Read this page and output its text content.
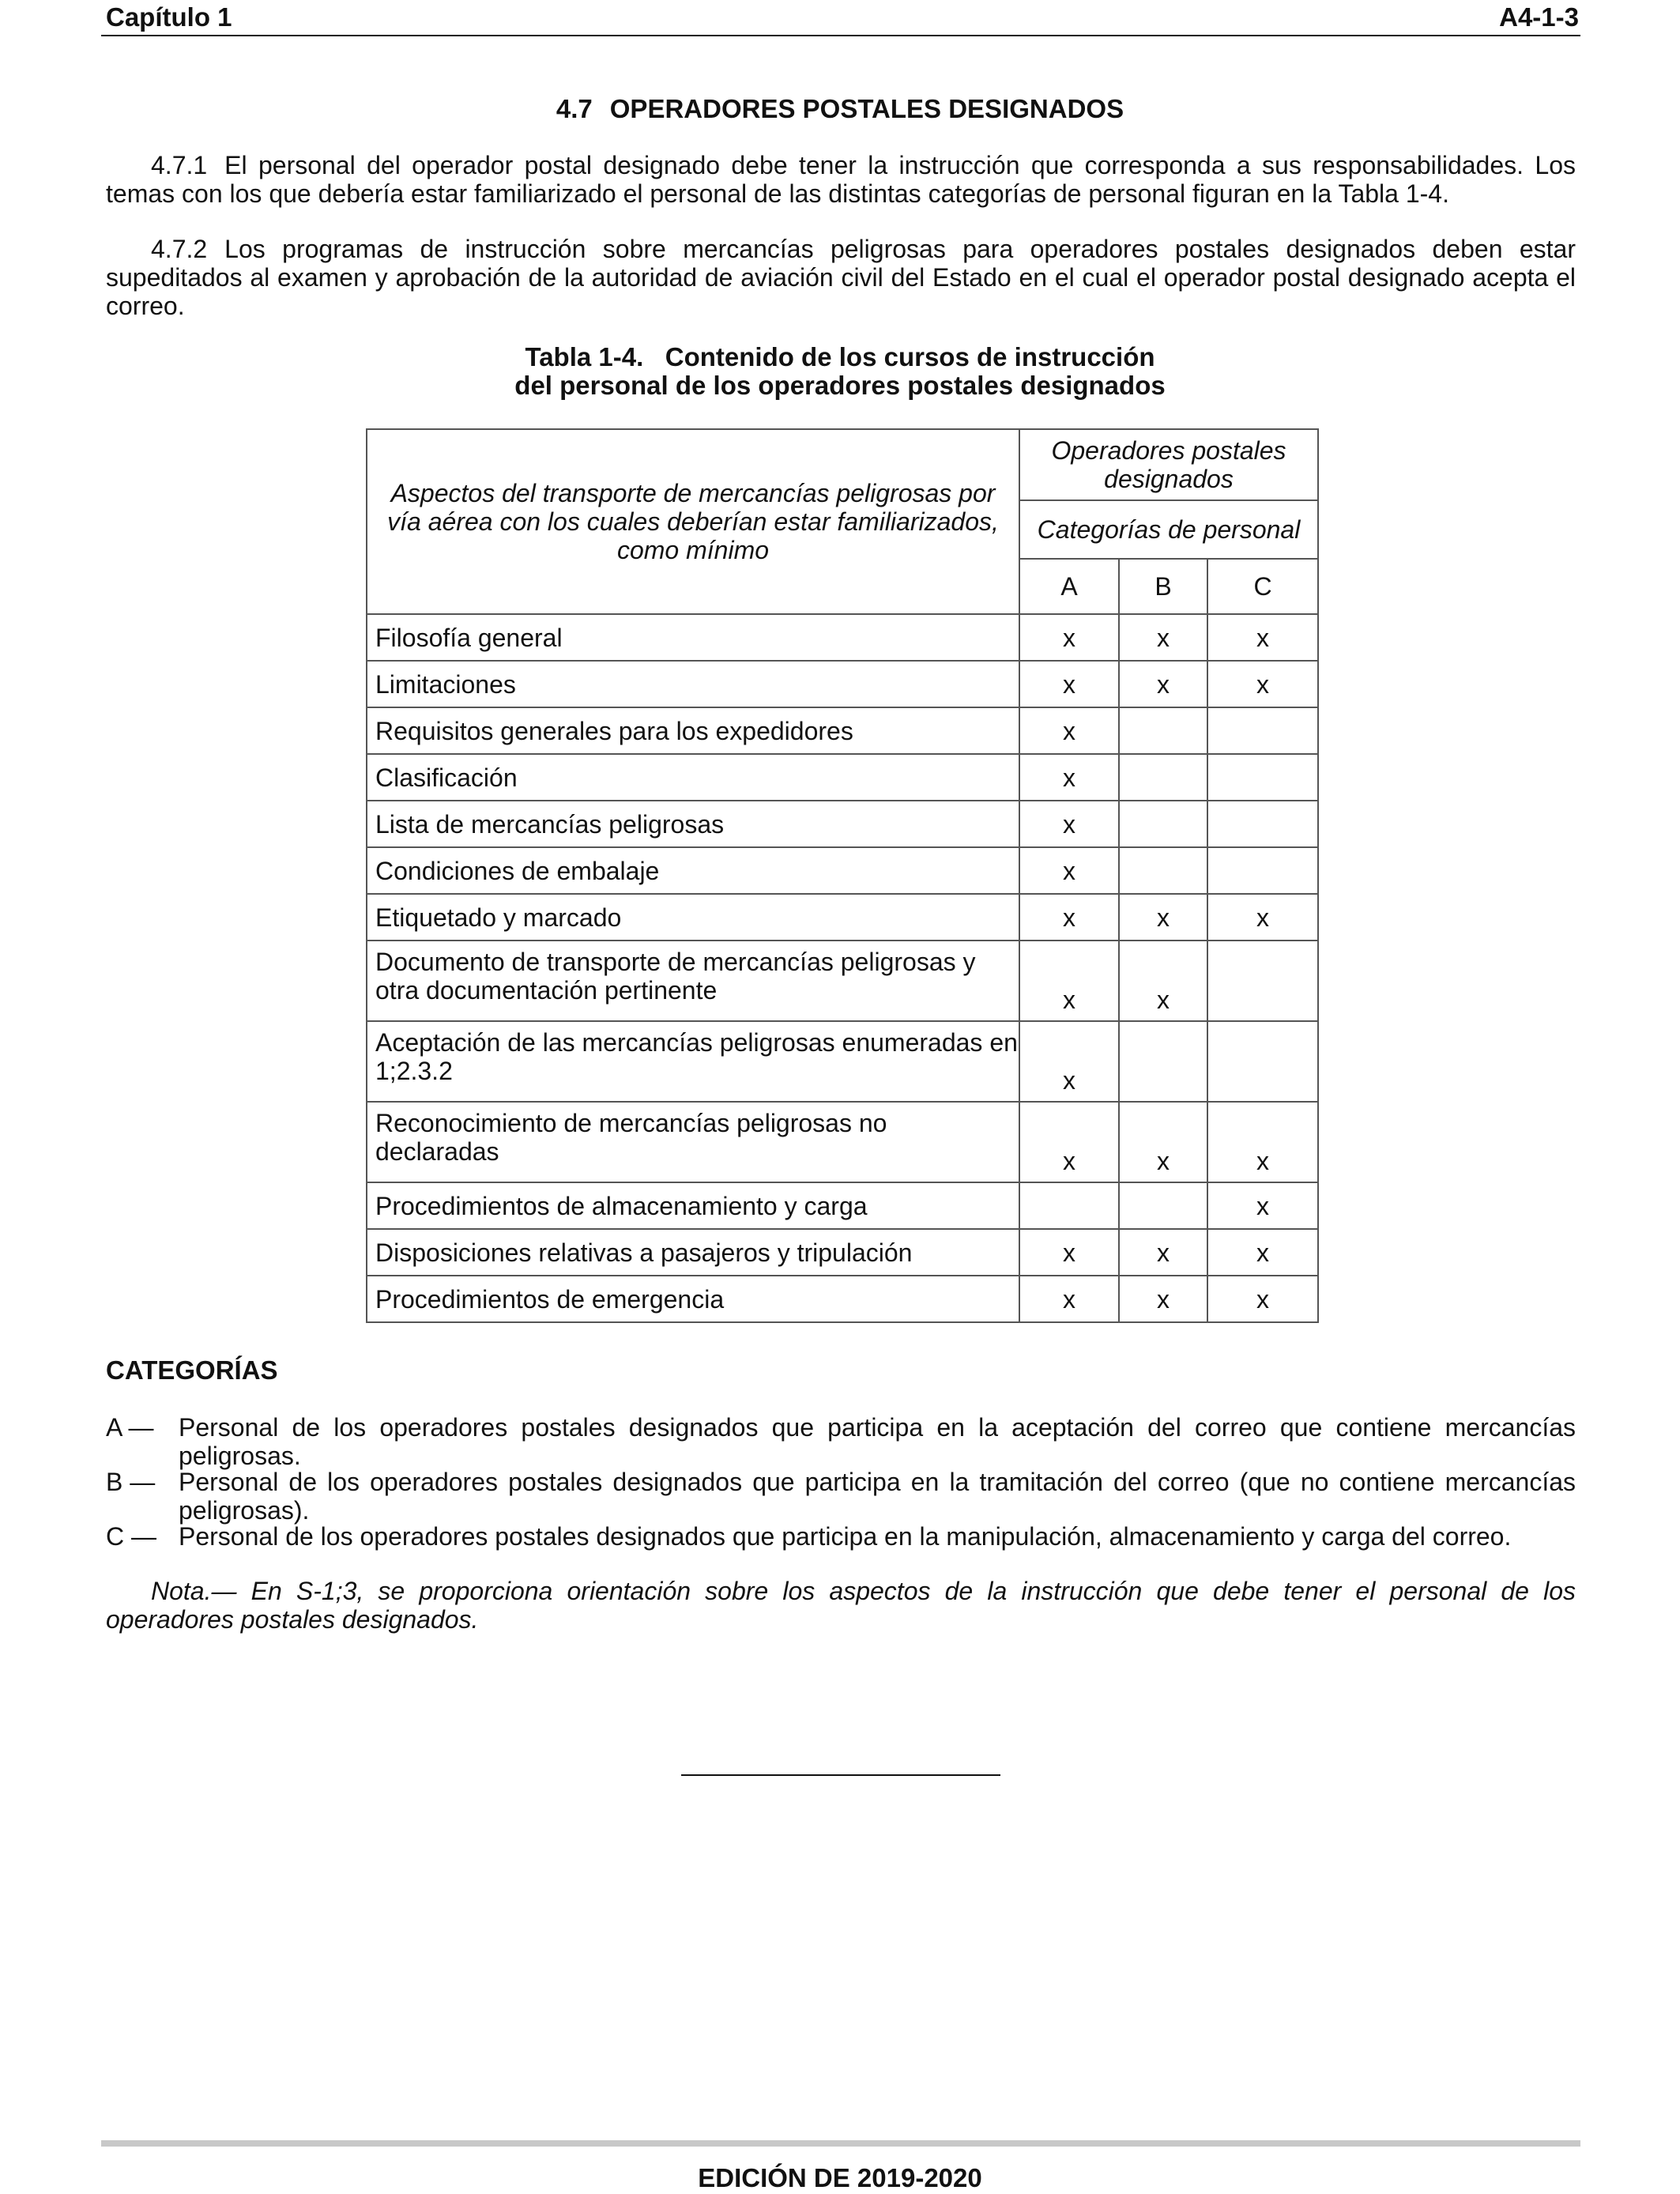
Capítulo 1	A4-1-3
4.7 OPERADORES POSTALES DESIGNADOS
4.7.1 El personal del operador postal designado debe tener la instrucción que corresponda a sus responsabilidades. Los temas con los que debería estar familiarizado el personal de las distintas categorías de personal figuran en la Tabla 1-4.
4.7.2 Los programas de instrucción sobre mercancías peligrosas para operadores postales designados deben estar supeditados al examen y aprobación de la autoridad de aviación civil del Estado en el cual el operador postal designado acepta el correo.
Tabla 1-4.   Contenido de los cursos de instrucción
del personal de los operadores postales designados
Aspectos del transporte de mercancías peligrosas por vía aérea con los cuales deberían estar familiarizados, como mínimo	Operadores postales designados		
	Categorías de personal		
	A	B	C
Filosofía general	x	x	x
Limitaciones	x	x	x
Requisitos generales para los expedidores	x		
Clasificación	x		
Lista de mercancías peligrosas	x		
Condiciones de embalaje	x		
Etiquetado y marcado	x	x	x
Documento de transporte de mercancías peligrosas y otra documentación pertinente	x	x	
Aceptación de las mercancías peligrosas enumeradas en 1;2.3.2	x		
Reconocimiento de mercancías peligrosas no declaradas	x	x	x
Procedimientos de almacenamiento y carga			x
Disposiciones relativas a pasajeros y tripulación	x	x	x
Procedimientos de emergencia	x	x	x
CATEGORÍAS
A — Personal de los operadores postales designados que participa en la aceptación del correo que contiene mercancías peligrosas.
B — Personal de los operadores postales designados que participa en la tramitación del correo (que no contiene mercancías peligrosas).
C — Personal de los operadores postales designados que participa en la manipulación, almacenamiento y carga del correo.
Nota.— En S-1;3, se proporciona orientación sobre los aspectos de la instrucción que debe tener el personal de los operadores postales designados.
EDICIÓN DE 2019-2020
